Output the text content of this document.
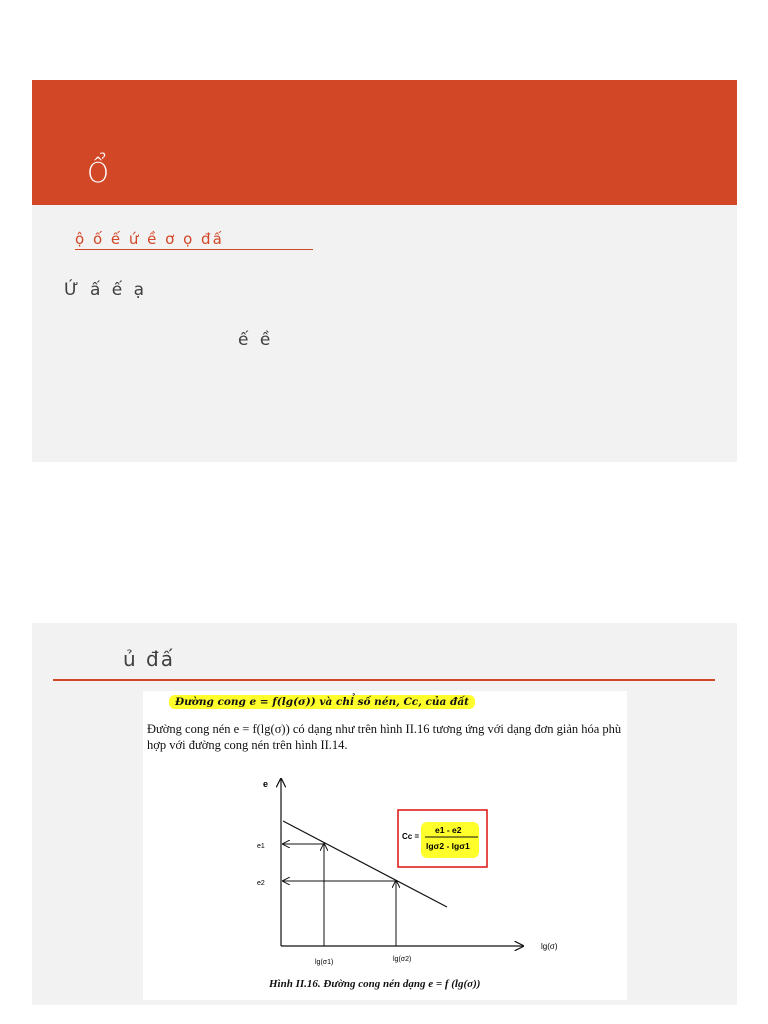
Ổ
ộ ố ế ứ ề ơ ọ đấ
Ứ ấ ế ạ
ế ề
ủ đấ
Đường cong e = f(lg(σ)) và chỉ số nén, Cc, của đất
Đường cong nén e = f(lg(σ)) có dạng như trên hình II.16 tương ứng với dạng đơn giản hóa phù hợp với đường cong nén trên hình II.14.
e
lg(σ)
e1
e2
lg(σ1)	lg(σ2)
Cc =
e1 - e2
lgσ2 - lgσ1
Hình II.16. Đường cong nén dạng e = f (lg(σ))
